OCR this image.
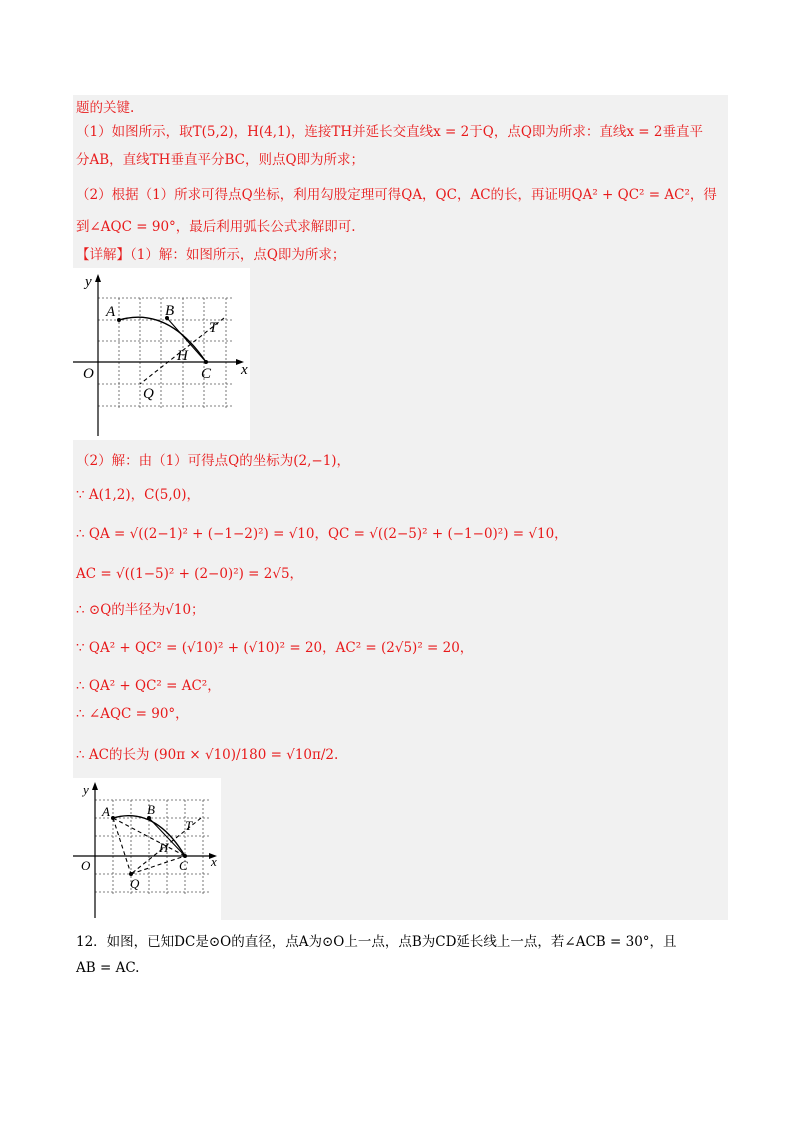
题的关键.
（1）如图所示，取T(5,2)，H(4,1)，连接TH并延长交直线x = 2于Q，点Q即为所求：直线x = 2垂直平
分AB，直线TH垂直平分BC，则点Q即为所求；
（2）根据（1）所求可得点Q坐标，利用勾股定理可得QA，QC，AC的长，再证明QA² + QC² = AC²，得
到∠AQC = 90°，最后利用弧长公式求解即可.
【详解】（1）解：如图所示，点Q即为所求；
y
x
O
A	B
T
H
C
Q
（2）解：由（1）可得点Q的坐标为(2,−1)，
∵ A(1,2)，C(5,0)，
∴ QA = √((2−1)² + (−1−2)²) = √10，QC = √((2−5)² + (−1−0)²) = √10，
AC = √((1−5)² + (2−0)²) = 2√5，
∴ ⊙Q的半径为√10；
∵ QA² + QC² = (√10)² + (√10)² = 20，AC² = (2√5)² = 20，
∴ QA² + QC² = AC²，
∴ ∠AQC = 90°，
∴ AC的长为 (90π × √10)/180 = √10π/2.
y
x
O
A	B
T
H
C
Q
12．如图，已知DC是⊙O的直径，点A为⊙O上一点，点B为CD延长线上一点，若∠ACB = 30°，且
AB = AC.
